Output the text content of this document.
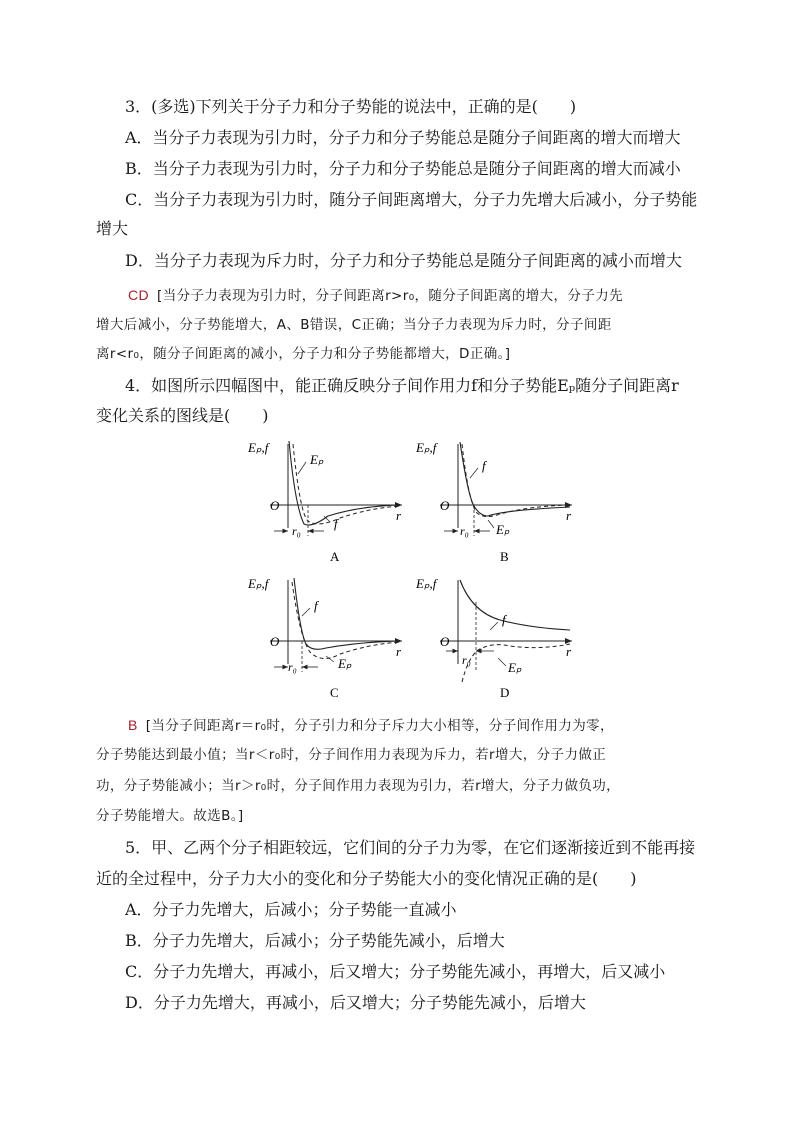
3．(多选)下列关于分子力和分子势能的说法中，正确的是(　　)
A．当分子力表现为引力时，分子力和分子势能总是随分子间距离的增大而增大
B．当分子力表现为引力时，分子力和分子势能总是随分子间距离的增大而减小
C．当分子力表现为引力时，随分子间距离增大，分子力先增大后减小，分子势能
增大
D．当分子力表现为斥力时，分子力和分子势能总是随分子间距离的减小而增大
CD [当分子力表现为引力时，分子间距离r>r₀，随分子间距离的增大，分子力先
增大后减小，分子势能增大，A、B错误，C正确；当分子力表现为斥力时，分子间距
离r<r₀，随分子间距离的减小，分子力和分子势能都增大，D正确。]
4．如图所示四幅图中，能正确反映分子间作用力f和分子势能Eₚ随分子间距离r
变化关系的图线是(　　)
Eₚ,f
O
r
r₀
Eₚ
f
A
Eₚ,f
O
r
r₀
f
Eₚ
B
Eₚ,f
O
r
r₀
f
Eₚ
C
Eₚ,f
O
r
r₀
f
Eₚ
D
B [当分子间距离r＝r₀时，分子引力和分子斥力大小相等，分子间作用力为零，
分子势能达到最小值；当r＜r₀时，分子间作用力表现为斥力，若r增大，分子力做正
功，分子势能减小；当r＞r₀时，分子间作用力表现为引力，若r增大，分子力做负功，
分子势能增大。故选B。]
5．甲、乙两个分子相距较远，它们间的分子力为零，在它们逐渐接近到不能再接
近的全过程中，分子力大小的变化和分子势能大小的变化情况正确的是(　　)
A．分子力先增大，后减小；分子势能一直减小
B．分子力先增大，后减小；分子势能先减小，后增大
C．分子力先增大，再减小，后又增大；分子势能先减小，再增大，后又减小
D．分子力先增大，再减小，后又增大；分子势能先减小，后增大
